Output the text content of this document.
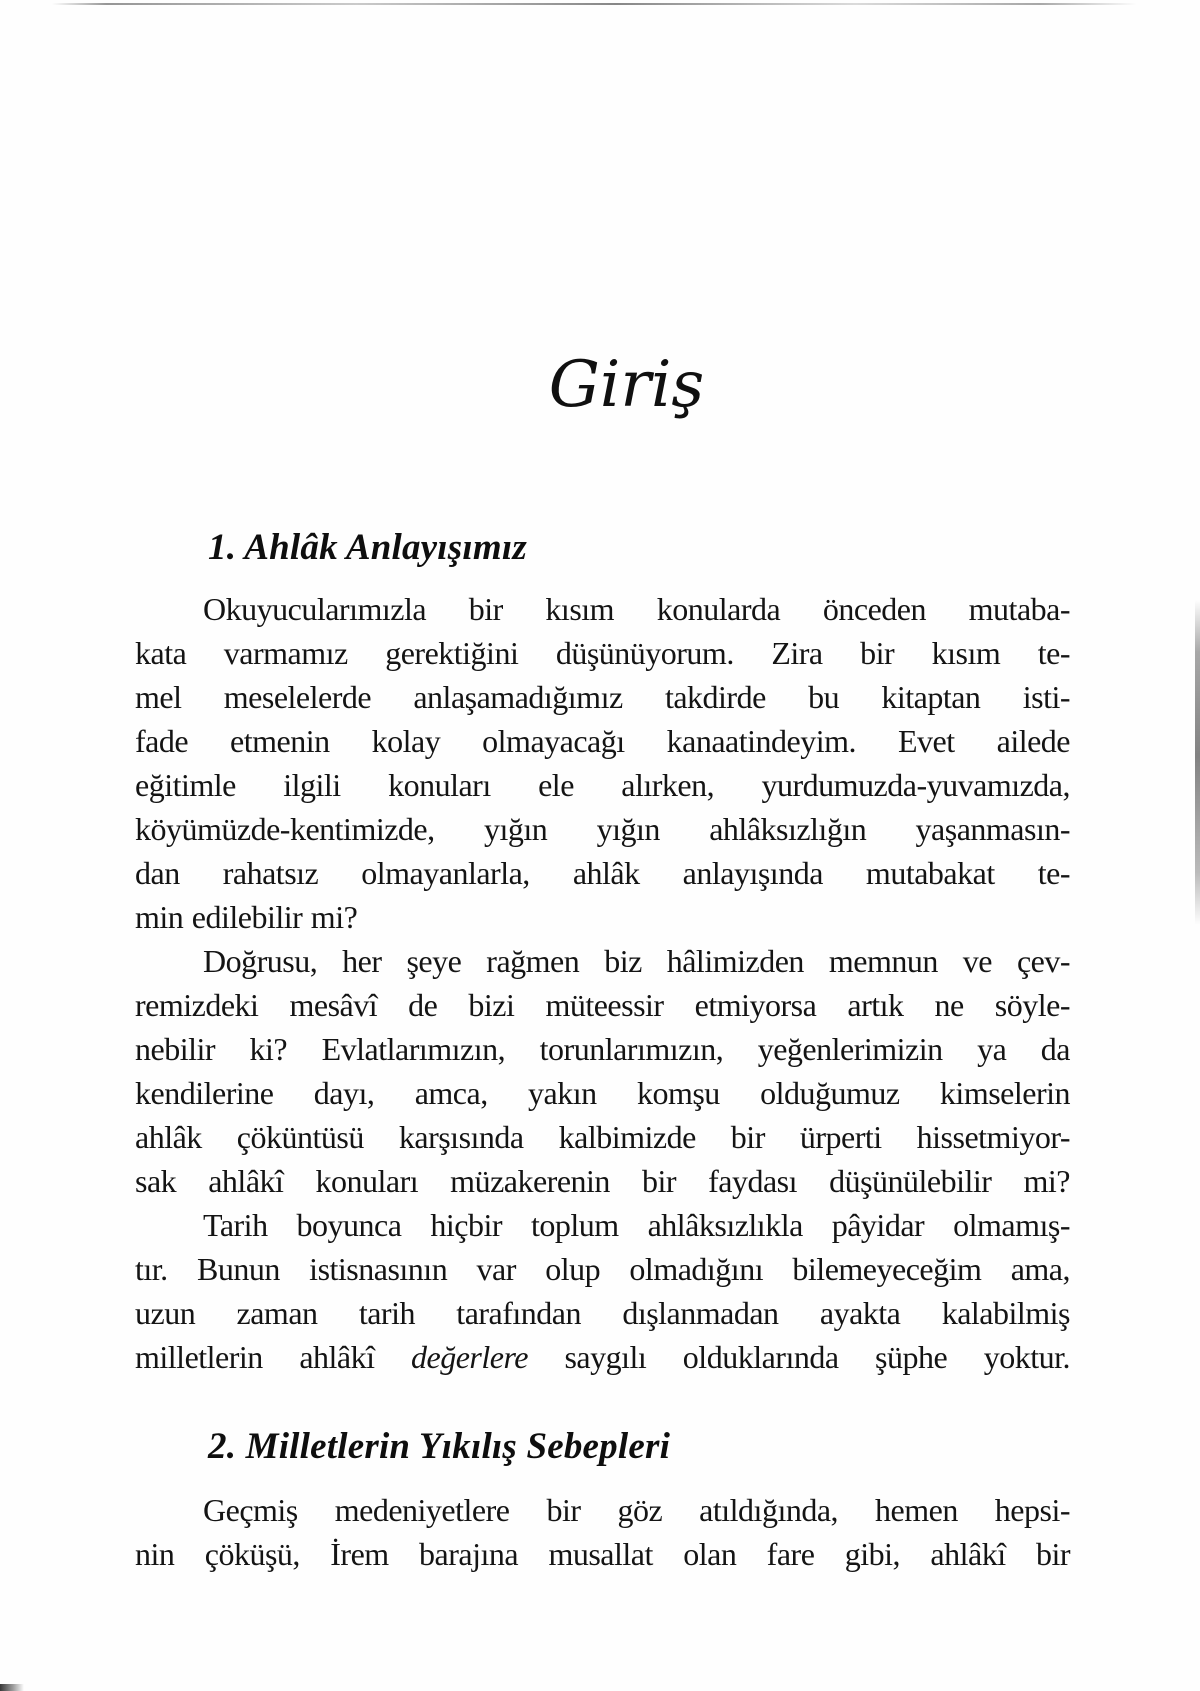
Giriş
1. Ahlâk Anlayışımız
Okuyucularımızla bir kısım konularda önceden mutaba-
kata varmamız gerektiğini düşünüyorum. Zira bir kısım te-
mel meselelerde anlaşamadığımız takdirde bu kitaptan isti-
fade etmenin kolay olmayacağı kanaatindeyim. Evet ailede
eğitimle ilgili konuları ele alırken, yurdumuzda-yuvamızda,
köyümüzde-kentimizde, yığın yığın ahlâksızlığın yaşanmasın-
dan rahatsız olmayanlarla, ahlâk anlayışında mutabakat te-
min edilebilir mi?
Doğrusu, her şeye rağmen biz hâlimizden memnun ve çev-
remizdeki mesâvî de bizi müteessir etmiyorsa artık ne söyle-
nebilir ki? Evlatlarımızın, torunlarımızın, yeğenlerimizin ya da
kendilerine dayı, amca, yakın komşu olduğumuz kimselerin
ahlâk çöküntüsü karşısında kalbimizde bir ürperti hissetmiyor-
sak ahlâkî konuları müzakerenin bir faydası düşünülebilir mi?
Tarih boyunca hiçbir toplum ahlâksızlıkla pâyidar olmamış-
tır. Bunun istisnasının var olup olmadığını bilemeyeceğim ama,
uzun zaman tarih tarafından dışlanmadan ayakta kalabilmiş
milletlerin ahlâkî değerlere saygılı olduklarında şüphe yoktur.
2. Milletlerin Yıkılış Sebepleri
Geçmiş medeniyetlere bir göz atıldığında, hemen hepsi-
nin çöküşü, İrem barajına musallat olan fare gibi, ahlâkî bir
